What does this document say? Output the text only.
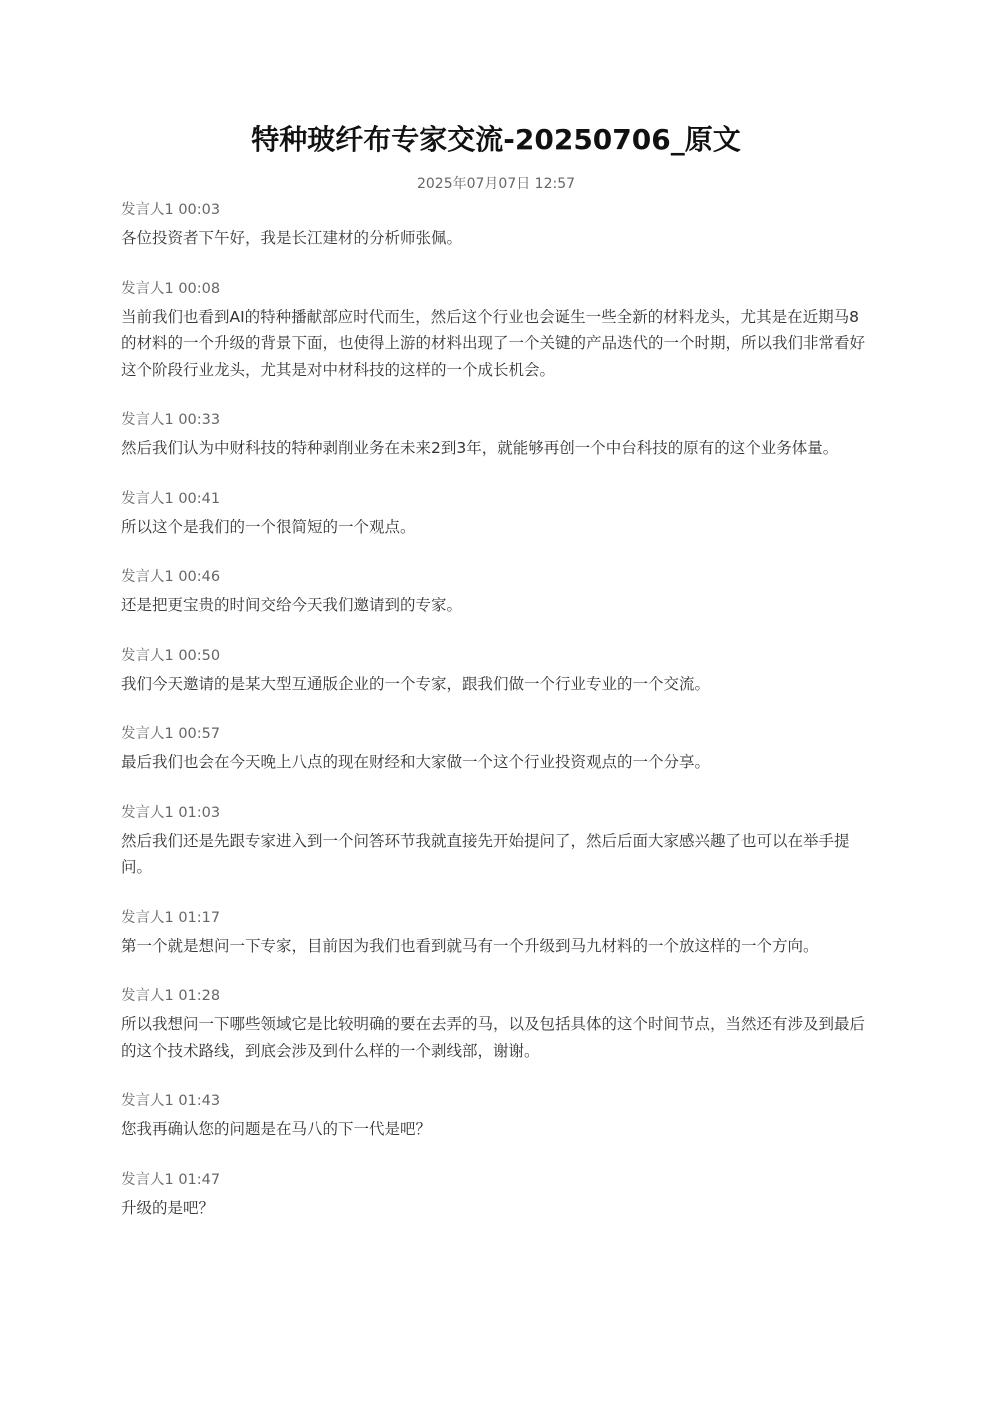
特种玻纤布专家交流-20250706_原文
2025年07月07日 12:57
发言人1 00:03

各位投资者下午好，我是长江建材的分析师张佩。

发言人1 00:08

当前我们也看到AI的特种播献部应时代而生，然后这个行业也会诞生一些全新的材料龙头，尤其是在近期马8的材料的一个升级的背景下面，也使得上游的材料出现了一个关键的产品迭代的一个时期，所以我们非常看好这个阶段行业龙头，尤其是对中材科技的这样的一个成长机会。

发言人1 00:33

然后我们认为中财科技的特种剥削业务在未来2到3年，就能够再创一个中台科技的原有的这个业务体量。

发言人1 00:41

所以这个是我们的一个很简短的一个观点。

发言人1 00:46

还是把更宝贵的时间交给今天我们邀请到的专家。

发言人1 00:50

我们今天邀请的是某大型互通版企业的一个专家，跟我们做一个行业专业的一个交流。

发言人1 00:57

最后我们也会在今天晚上八点的现在财经和大家做一个这个行业投资观点的一个分享。

发言人1 01:03

然后我们还是先跟专家进入到一个问答环节我就直接先开始提问了，然后后面大家感兴趣了也可以在举手提问。

发言人1 01:17

第一个就是想问一下专家，目前因为我们也看到就马有一个升级到马九材料的一个放这样的一个方向。

发言人1 01:28

所以我想问一下哪些领域它是比较明确的要在去弄的马，以及包括具体的这个时间节点，当然还有涉及到最后的这个技术路线，到底会涉及到什么样的一个剥线部，谢谢。

发言人1 01:43

您我再确认您的问题是在马八的下一代是吧？

发言人1 01:47

升级的是吧？
